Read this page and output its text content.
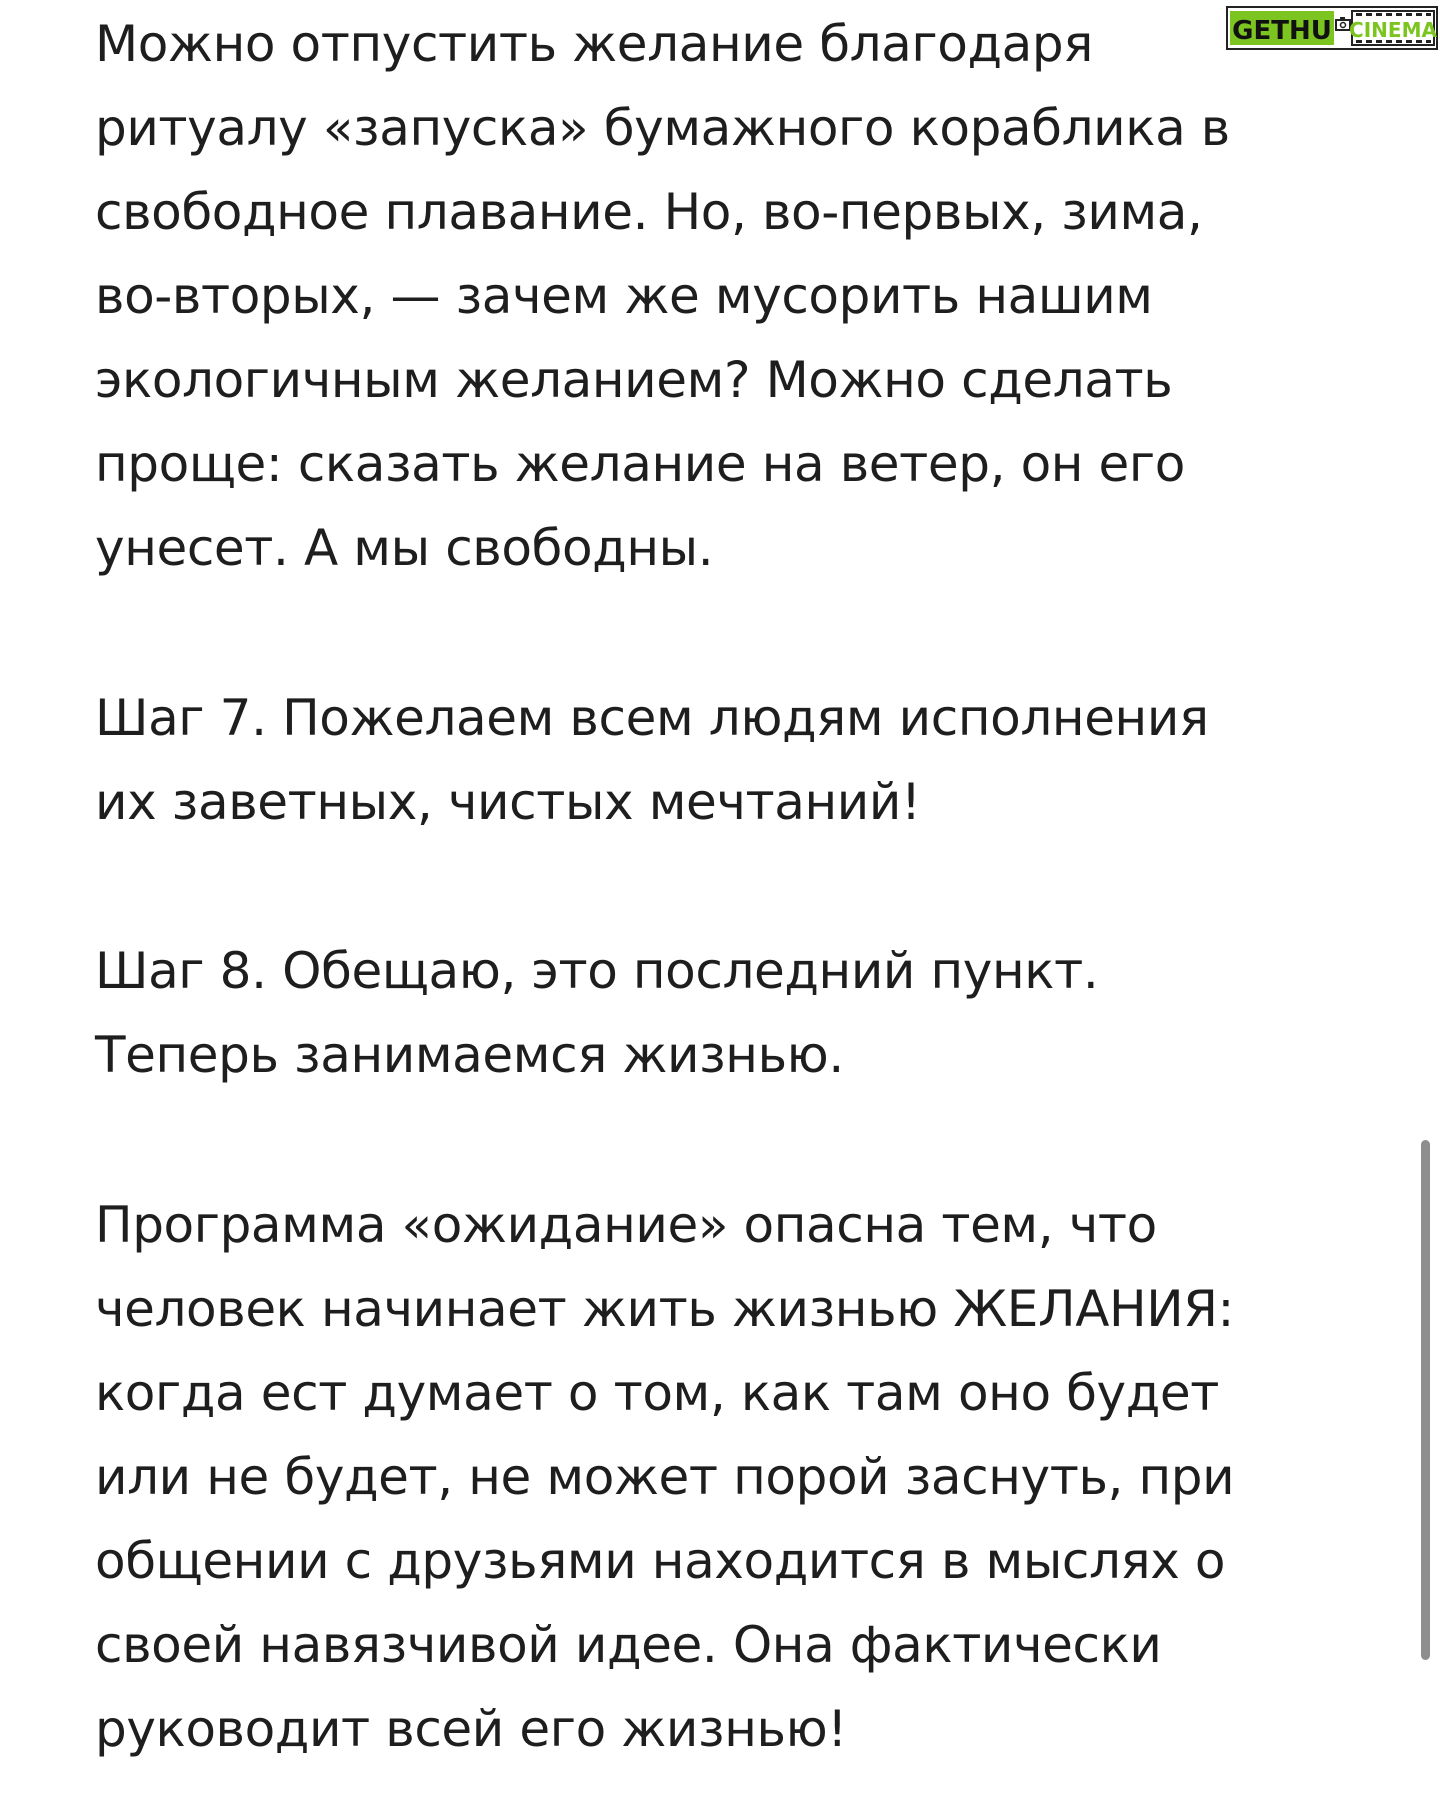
GETHU CINEMA
Можно отпустить желание благодаря
ритуалу «запуска» бумажного кораблика в
свободное плавание. Но, во-первых, зима,
во-вторых, — зачем же мусорить нашим
экологичным желанием? Можно сделать
проще: сказать желание на ветер, он его
унесет. А мы свободны.
Шаг 7. Пожелаем всем людям исполнения
их заветных, чистых мечтаний!
Шаг 8. Обещаю, это последний пункт.
Теперь занимаемся жизнью.
Программа «ожидание» опасна тем, что
человек начинает жить жизнью ЖЕЛАНИЯ:
когда ест думает о том, как там оно будет
или не будет, не может порой заснуть, при
общении с друзьями находится в мыслях о
своей навязчивой идее. Она фактически
руководит всей его жизнью!
